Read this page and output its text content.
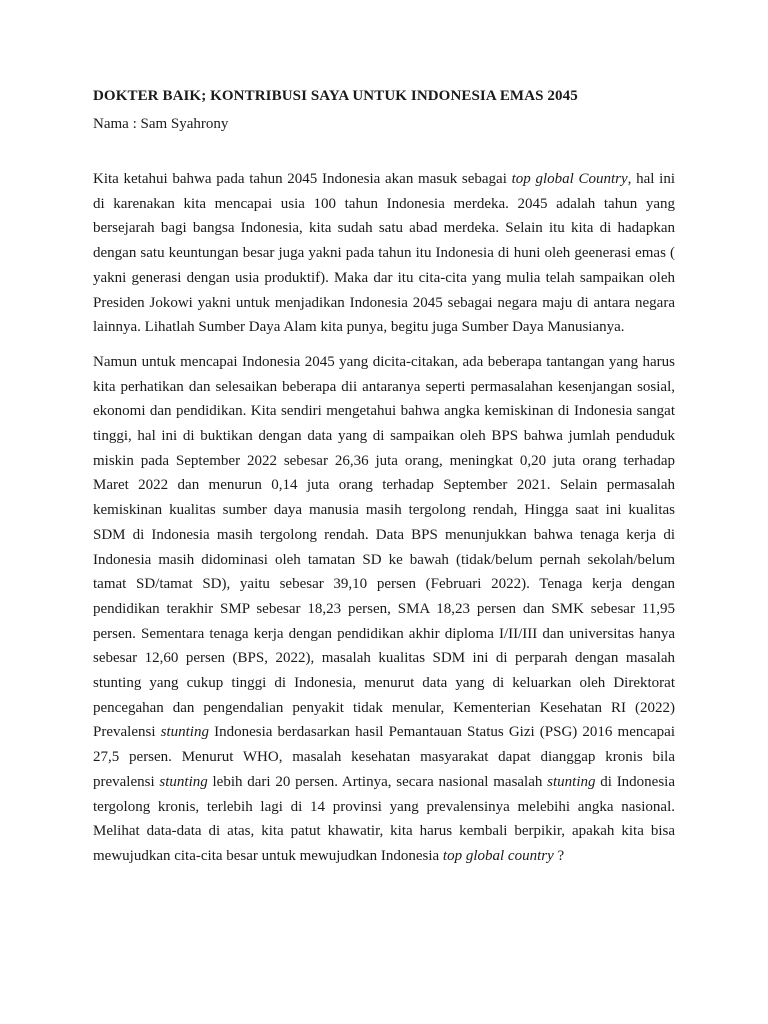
DOKTER BAIK; KONTRIBUSI SAYA UNTUK INDONESIA EMAS 2045

Nama : Sam Syahrony

Kita ketahui bahwa pada tahun 2045 Indonesia akan masuk sebagai top global Country, hal ini di karenakan kita mencapai usia 100 tahun Indonesia merdeka. 2045 adalah tahun yang bersejarah bagi bangsa Indonesia, kita sudah satu abad merdeka. Selain itu kita di hadapkan dengan satu keuntungan besar juga yakni pada tahun itu Indonesia di huni oleh geenerasi emas ( yakni generasi dengan usia produktif). Maka dar itu cita-cita yang mulia telah sampaikan oleh Presiden Jokowi yakni untuk menjadikan Indonesia 2045 sebagai negara maju di antara negara lainnya. Lihatlah Sumber Daya Alam kita punya, begitu juga Sumber Daya Manusianya.

Namun untuk mencapai Indonesia 2045 yang dicita-citakan, ada beberapa tantangan yang harus kita perhatikan dan selesaikan beberapa dii antaranya seperti permasalahan kesenjangan sosial, ekonomi dan pendidikan. Kita sendiri mengetahui bahwa angka kemiskinan di Indonesia sangat tinggi, hal ini di buktikan dengan data yang di sampaikan oleh BPS bahwa jumlah penduduk miskin pada September 2022 sebesar 26,36 juta orang, meningkat 0,20 juta orang terhadap Maret 2022 dan menurun 0,14 juta orang terhadap September 2021. Selain permasalah kemiskinan kualitas sumber daya manusia masih tergolong rendah, Hingga saat ini kualitas SDM di Indonesia masih tergolong rendah. Data BPS menunjukkan bahwa tenaga kerja di Indonesia masih didominasi oleh tamatan SD ke bawah (tidak/belum pernah sekolah/belum tamat SD/tamat SD), yaitu sebesar 39,10 persen (Februari 2022). Tenaga kerja dengan pendidikan terakhir SMP sebesar 18,23 persen, SMA 18,23 persen dan SMK sebesar 11,95 persen. Sementara tenaga kerja dengan pendidikan akhir diploma I/II/III dan universitas hanya sebesar 12,60 persen (BPS, 2022), masalah kualitas SDM ini di perparah dengan masalah stunting yang cukup tinggi di Indonesia, menurut data yang di keluarkan oleh Direktorat pencegahan dan pengendalian penyakit tidak menular, Kementerian Kesehatan RI (2022) Prevalensi stunting Indonesia berdasarkan hasil Pemantauan Status Gizi (PSG) 2016 mencapai 27,5 persen. Menurut WHO, masalah kesehatan masyarakat dapat dianggap kronis bila prevalensi stunting lebih dari 20 persen. Artinya, secara nasional masalah stunting di Indonesia tergolong kronis, terlebih lagi di 14 provinsi yang prevalensinya melebihi angka nasional. Melihat data-data di atas, kita patut khawatir, kita harus kembali berpikir, apakah kita bisa mewujudkan cita-cita besar untuk mewujudkan Indonesia top global country ?
